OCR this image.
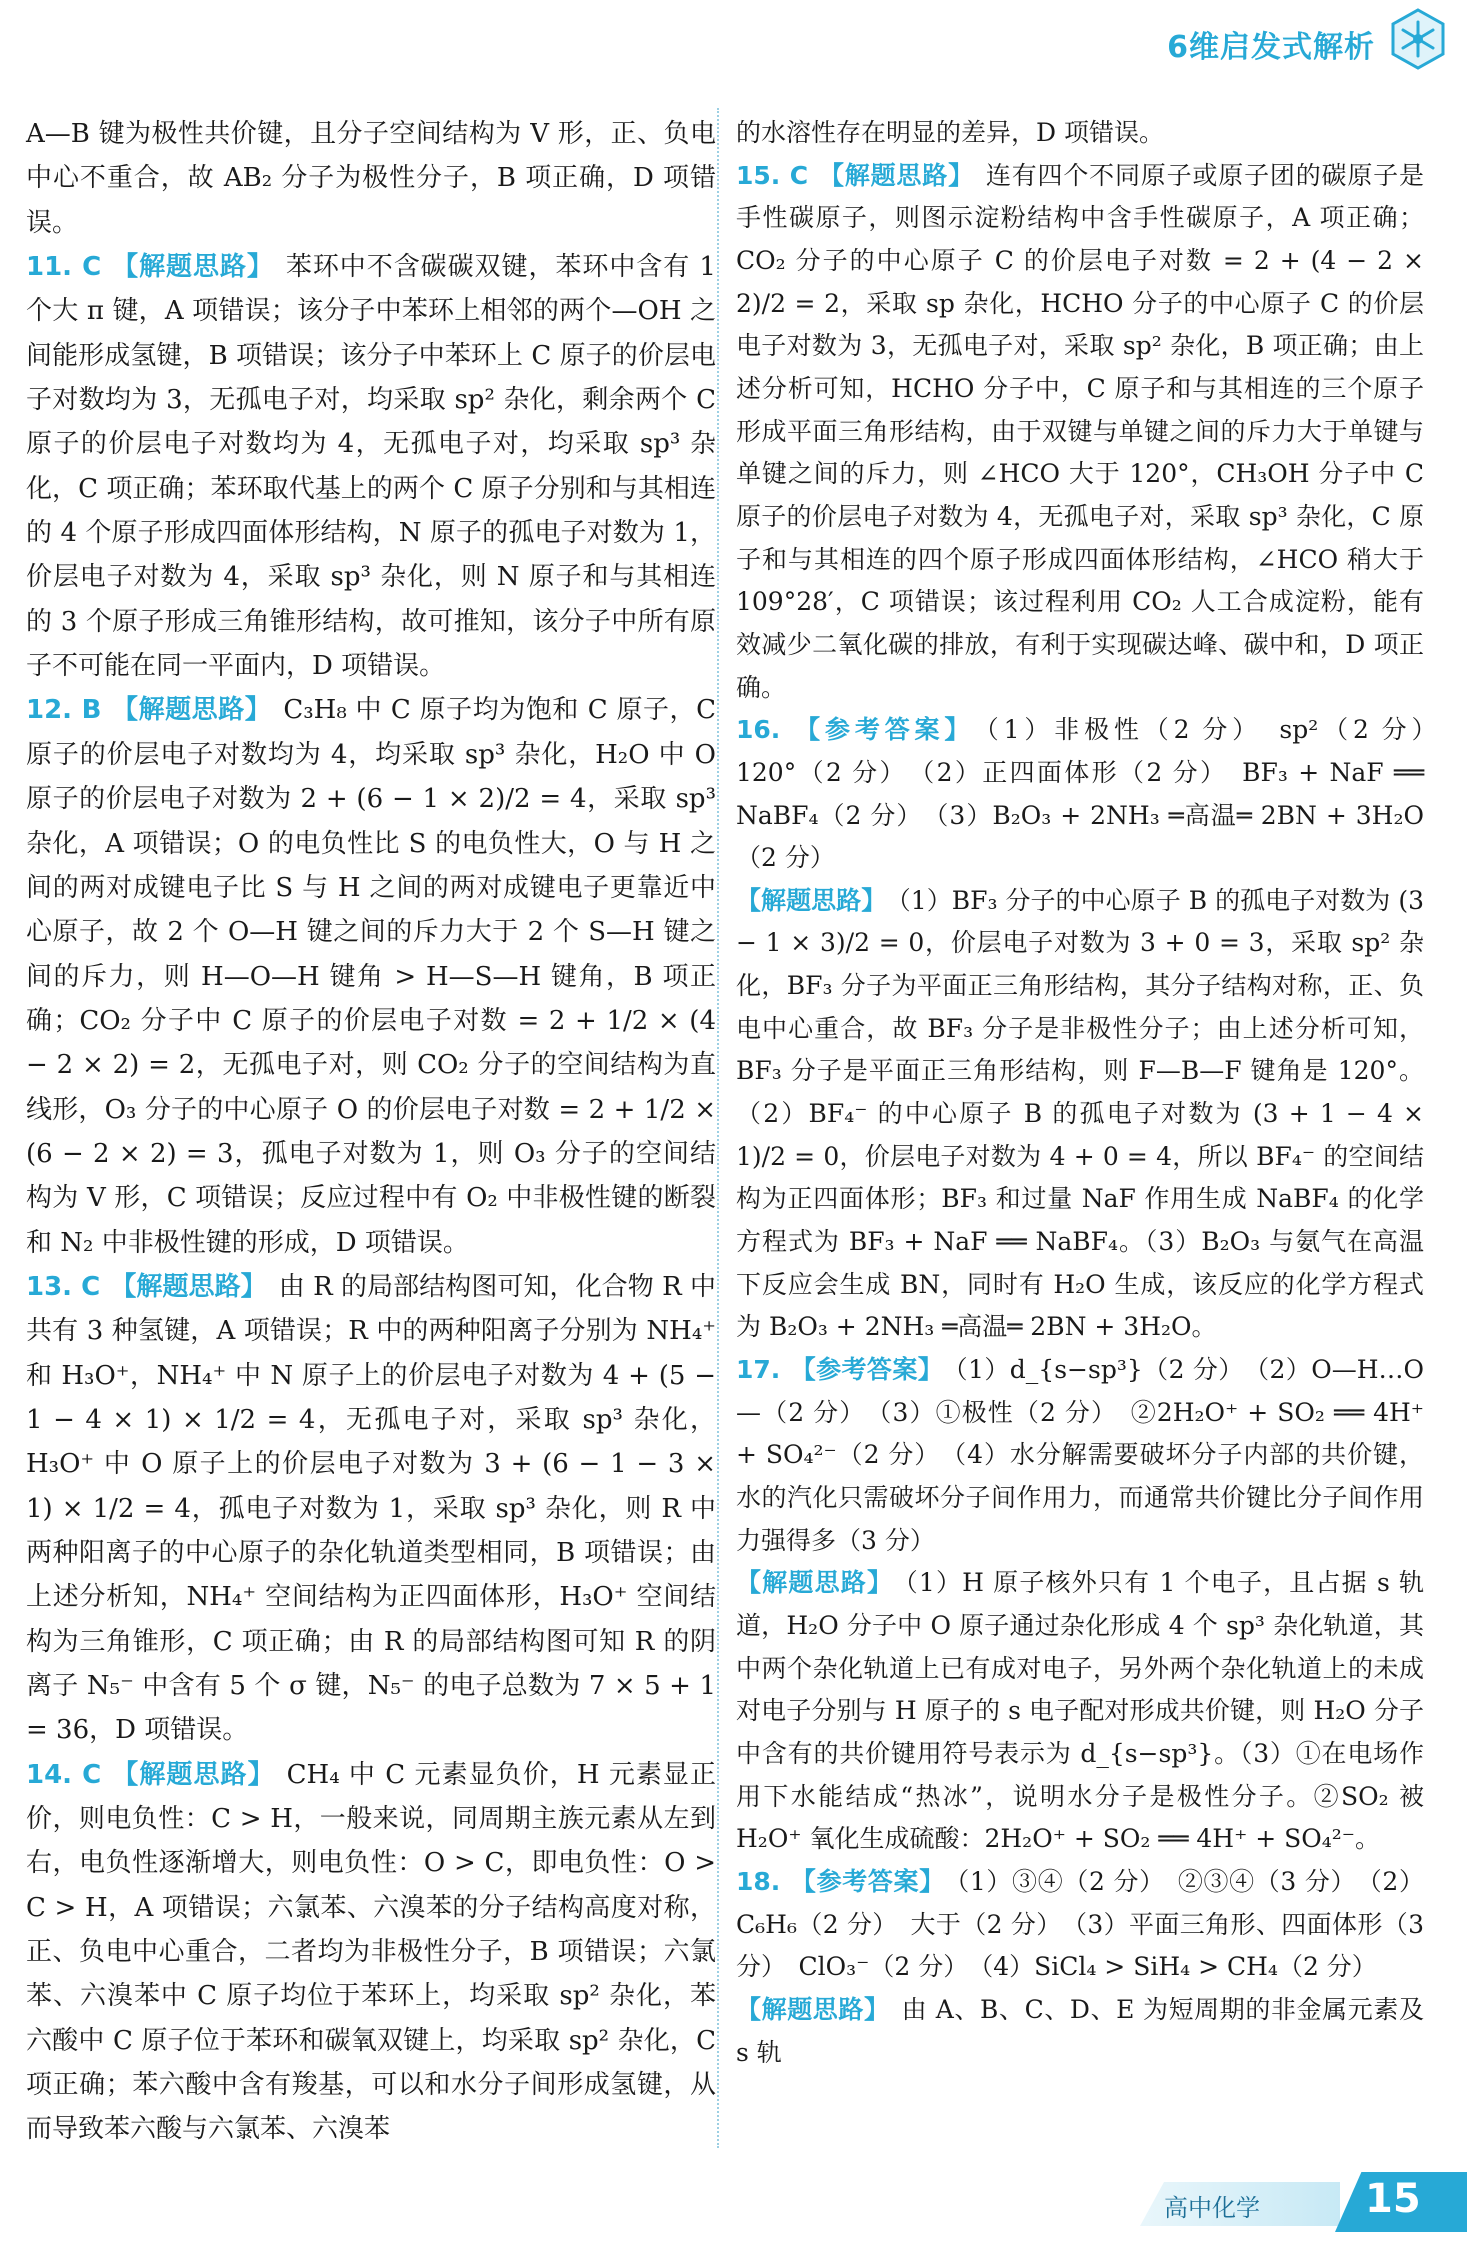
6维启发式解析

A—B 键为极性共价键，且分子空间结构为 V 形，正、负电中心不重合，故 AB₂ 分子为极性分子，B 项正确，D 项错误。

11. C 【解题思路】 苯环中不含碳碳双键，苯环中含有 1 个大 π 键，A 项错误；该分子中苯环上相邻的两个—OH 之间能形成氢键，B 项错误；该分子中苯环上 C 原子的价层电子对数均为 3，无孤电子对，均采取 sp² 杂化，剩余两个 C 原子的价层电子对数均为 4，无孤电子对，均采取 sp³ 杂化，C 项正确；苯环取代基上的两个 C 原子分别和与其相连的 4 个原子形成四面体形结构，N 原子的孤电子对数为 1，价层电子对数为 4，采取 sp³ 杂化，则 N 原子和与其相连的 3 个原子形成三角锥形结构，故可推知，该分子中所有原子不可能在同一平面内，D 项错误。

12. B 【解题思路】 C₃H₈ 中 C 原子均为饱和 C 原子，C 原子的价层电子对数均为 4，均采取 sp³ 杂化，H₂O 中 O 原子的价层电子对数为 2 + (6 − 1 × 2)/2 = 4，采取 sp³ 杂化，A 项错误；O 的电负性比 S 的电负性大，O 与 H 之间的两对成键电子比 S 与 H 之间的两对成键电子更靠近中心原子，故 2 个 O—H 键之间的斥力大于 2 个 S—H 键之间的斥力，则 H—O—H 键角 > H—S—H 键角，B 项正确；CO₂ 分子中 C 原子的价层电子对数 = 2 + 1/2 × (4 − 2 × 2) = 2，无孤电子对，则 CO₂ 分子的空间结构为直线形，O₃ 分子的中心原子 O 的价层电子对数 = 2 + 1/2 × (6 − 2 × 2) = 3，孤电子对数为 1，则 O₃ 分子的空间结构为 V 形，C 项错误；反应过程中有 O₂ 中非极性键的断裂和 N₂ 中非极性键的形成，D 项错误。

13. C 【解题思路】 由 R 的局部结构图可知，化合物 R 中共有 3 种氢键，A 项错误；R 中的两种阳离子分别为 NH₄⁺ 和 H₃O⁺，NH₄⁺ 中 N 原子上的价层电子对数为 4 + (5 − 1 − 4 × 1) × 1/2 = 4，无孤电子对，采取 sp³ 杂化，H₃O⁺ 中 O 原子上的价层电子对数为 3 + (6 − 1 − 3 × 1) × 1/2 = 4，孤电子对数为 1，采取 sp³ 杂化，则 R 中两种阳离子的中心原子的杂化轨道类型相同，B 项错误；由上述分析知，NH₄⁺ 空间结构为正四面体形，H₃O⁺ 空间结构为三角锥形，C 项正确；由 R 的局部结构图可知 R 的阴离子 N₅⁻ 中含有 5 个 σ 键，N₅⁻ 的电子总数为 7 × 5 + 1 = 36，D 项错误。

14. C 【解题思路】 CH₄ 中 C 元素显负价，H 元素显正价，则电负性：C > H，一般来说，同周期主族元素从左到右，电负性逐渐增大，则电负性：O > C，即电负性：O > C > H，A 项错误；六氯苯、六溴苯的分子结构高度对称，正、负电中心重合，二者均为非极性分子，B 项错误；六氯苯、六溴苯中 C 原子均位于苯环上，均采取 sp² 杂化，苯六酸中 C 原子位于苯环和碳氧双键上，均采取 sp² 杂化，C 项正确；苯六酸中含有羧基，可以和水分子间形成氢键，从而导致苯六酸与六氯苯、六溴苯

的水溶性存在明显的差异，D 项错误。

15. C 【解题思路】 连有四个不同原子或原子团的碳原子是手性碳原子，则图示淀粉结构中含手性碳原子，A 项正确；CO₂ 分子的中心原子 C 的价层电子对数 = 2 + (4 − 2 × 2)/2 = 2，采取 sp 杂化，HCHO 分子的中心原子 C 的价层电子对数为 3，无孤电子对，采取 sp² 杂化，B 项正确；由上述分析可知，HCHO 分子中，C 原子和与其相连的三个原子形成平面三角形结构，由于双键与单键之间的斥力大于单键与单键之间的斥力，则 ∠HCO 大于 120°，CH₃OH 分子中 C 原子的价层电子对数为 4，无孤电子对，采取 sp³ 杂化，C 原子和与其相连的四个原子形成四面体形结构，∠HCO 稍大于 109°28′，C 项错误；该过程利用 CO₂ 人工合成淀粉，能有效减少二氧化碳的排放，有利于实现碳达峰、碳中和，D 项正确。

16. 【参考答案】 （1）非极性（2 分）　sp²（2 分）　120°（2 分）　（2）正四面体形（2 分）　BF₃ + NaF ══ NaBF₄（2 分）　（3）B₂O₃ + 2NH₃ ═高温═ 2BN + 3H₂O（2 分）

【解题思路】 （1）BF₃ 分子的中心原子 B 的孤电子对数为 (3 − 1 × 3)/2 = 0，价层电子对数为 3 + 0 = 3，采取 sp² 杂化，BF₃ 分子为平面正三角形结构，其分子结构对称，正、负电中心重合，故 BF₃ 分子是非极性分子；由上述分析可知，BF₃ 分子是平面正三角形结构，则 F—B—F 键角是 120°。（2）BF₄⁻ 的中心原子 B 的孤电子对数为 (3 + 1 − 4 × 1)/2 = 0，价层电子对数为 4 + 0 = 4，所以 BF₄⁻ 的空间结构为正四面体形；BF₃ 和过量 NaF 作用生成 NaBF₄ 的化学方程式为 BF₃ + NaF ══ NaBF₄。（3）B₂O₃ 与氨气在高温下反应会生成 BN，同时有 H₂O 生成，该反应的化学方程式为 B₂O₃ + 2NH₃ ═高温═ 2BN + 3H₂O。

17. 【参考答案】 （1）d_{s−sp³}（2 分）　（2）O—H…O—（2 分）　（3）①极性（2 分）　②2H₂O⁺ + SO₂ ══ 4H⁺ + SO₄²⁻（2 分）　（4）水分解需要破坏分子内部的共价键，水的汽化只需破坏分子间作用力，而通常共价键比分子间作用力强得多（3 分）

【解题思路】 （1）H 原子核外只有 1 个电子，且占据 s 轨道，H₂O 分子中 O 原子通过杂化形成 4 个 sp³ 杂化轨道，其中两个杂化轨道上已有成对电子，另外两个杂化轨道上的未成对电子分别与 H 原子的 s 电子配对形成共价键，则 H₂O 分子中含有的共价键用符号表示为 d_{s−sp³}。（3）①在电场作用下水能结成“热冰”，说明水分子是极性分子。②SO₂ 被 H₂O⁺ 氧化生成硫酸：2H₂O⁺ + SO₂ ══ 4H⁺ + SO₄²⁻。

18. 【参考答案】 （1）③④（2 分）　②③④（3 分）　（2）C₆H₆（2 分）　大于（2 分）　（3）平面三角形、四面体形（3 分）　ClO₃⁻（2 分）　（4）SiCl₄ > SiH₄ > CH₄（2 分）

【解题思路】 由 A、B、C、D、E 为短周期的非金属元素及 s 轨

高中化学	15
